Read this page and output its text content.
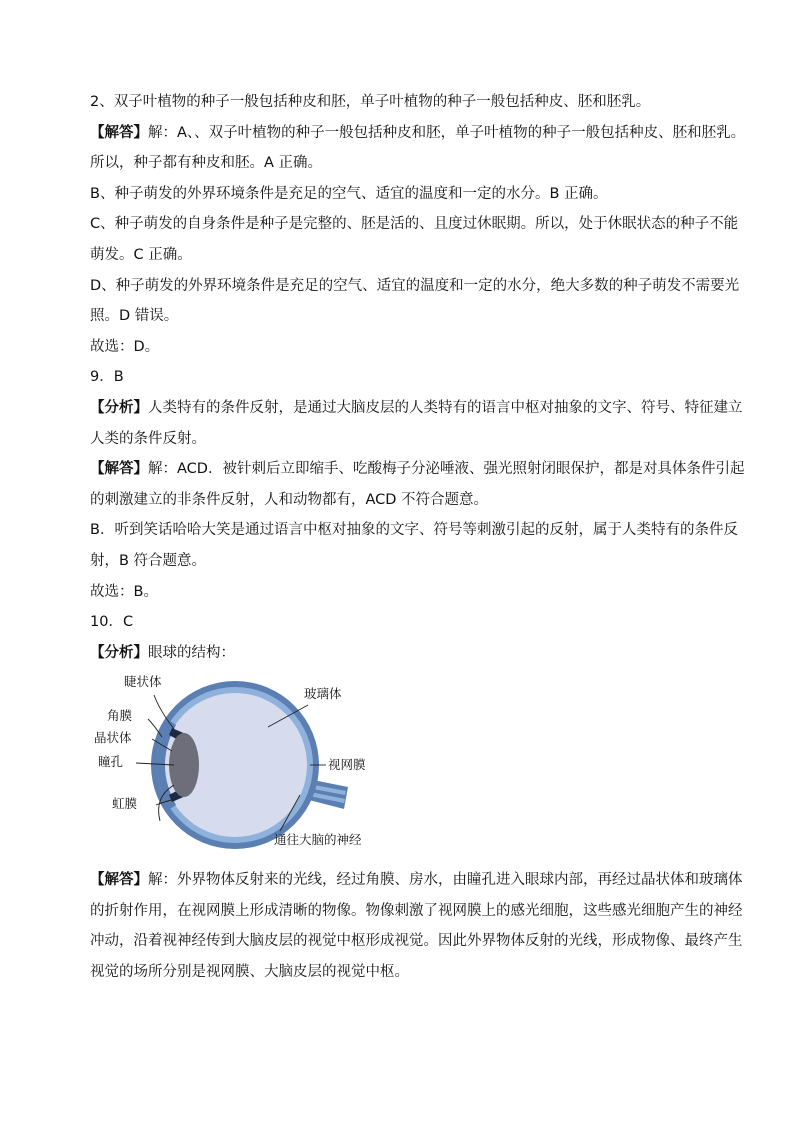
2、双子叶植物的种子一般包括种皮和胚，单子叶植物的种子一般包括种皮、胚和胚乳。
【解答】解：A、、双子叶植物的种子一般包括种皮和胚，单子叶植物的种子一般包括种皮、胚和胚乳。
所以，种子都有种皮和胚。A 正确。
B、种子萌发的外界环境条件是充足的空气、适宜的温度和一定的水分。B 正确。
C、种子萌发的自身条件是种子是完整的、胚是活的、且度过休眠期。所以，处于休眠状态的种子不能
萌发。C 正确。
D、种子萌发的外界环境条件是充足的空气、适宜的温度和一定的水分，绝大多数的种子萌发不需要光
照。D 错误。
故选：D。
9．B
【分析】人类特有的条件反射，是通过大脑皮层的人类特有的语言中枢对抽象的文字、符号、特征建立
人类的条件反射。
【解答】解：ACD．被针刺后立即缩手、吃酸梅子分泌唾液、强光照射闭眼保护，都是对具体条件引起
的刺激建立的非条件反射，人和动物都有，ACD 不符合题意。
B．听到笑话哈哈大笑是通过语言中枢对抽象的文字、符号等刺激引起的反射，属于人类特有的条件反
射，B 符合题意。
故选：B。
10．C
【分析】眼球的结构：
睫状体
角膜
晶状体
瞳孔
虹膜
玻璃体
视网膜
通往大脑的神经
【解答】解：外界物体反射来的光线，经过角膜、房水，由瞳孔进入眼球内部，再经过晶状体和玻璃体
的折射作用，在视网膜上形成清晰的物像。物像刺激了视网膜上的感光细胞，这些感光细胞产生的神经
冲动，沿着视神经传到大脑皮层的视觉中枢形成视觉。因此外界物体反射的光线，形成物像、最终产生
视觉的场所分别是视网膜、大脑皮层的视觉中枢。
